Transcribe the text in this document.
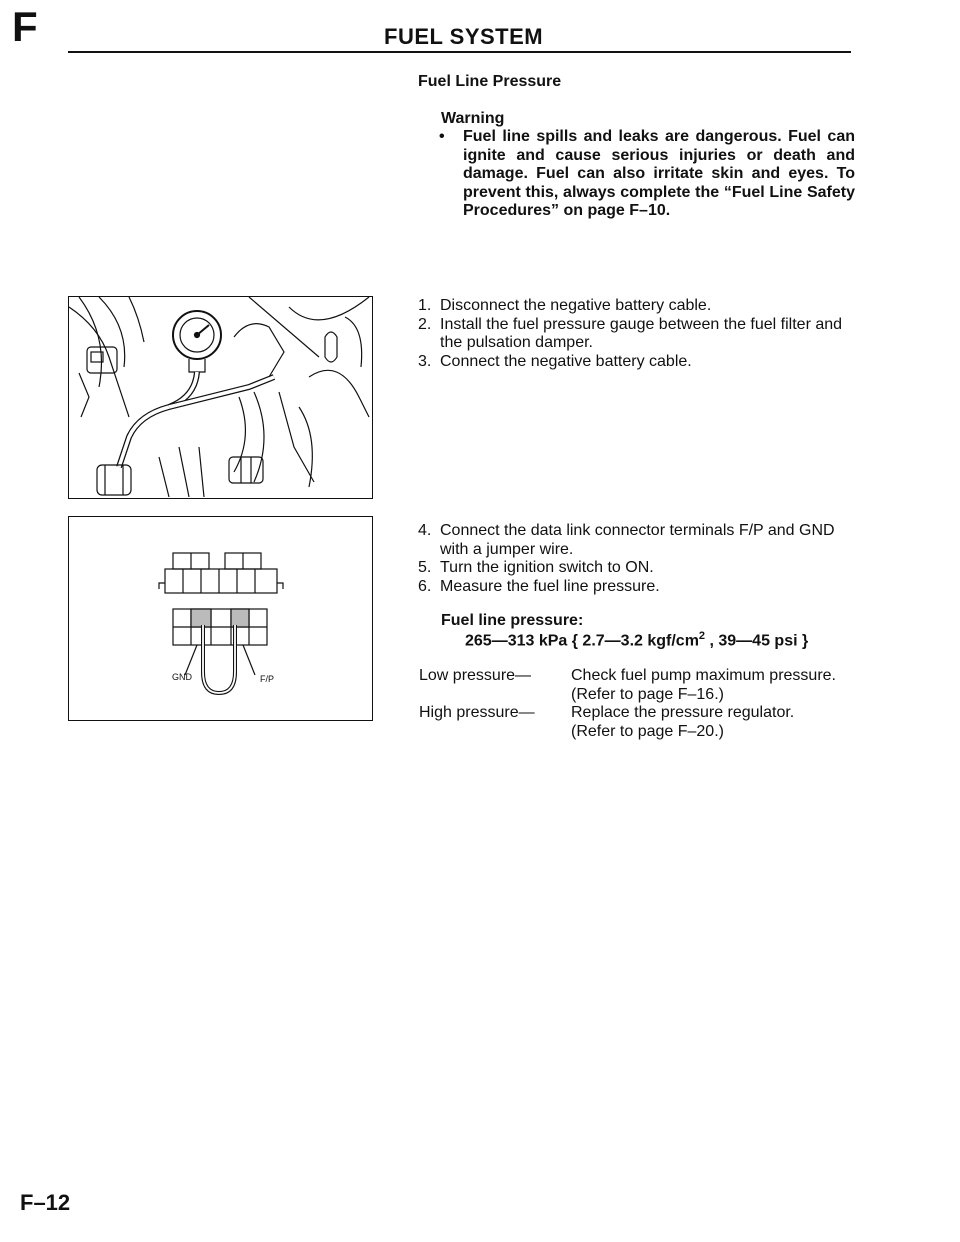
F	FUEL SYSTEM
Fuel Line Pressure
Warning
• Fuel line spills and leaks are dangerous. Fuel can ignite and cause serious injuries or death and damage. Fuel can also irritate skin and eyes. To prevent this, always complete the “Fuel Line Safety Procedures” on page F–10.
1. Disconnect the negative battery cable.
2. Install the fuel pressure gauge between the fuel filter and the pulsation damper.
3. Connect the negative battery cable.
GND	F/P
4. Connect the data link connector terminals F/P and GND with a jumper wire.
5. Turn the ignition switch to ON.
6. Measure the fuel line pressure.
Fuel line pressure:
265—313 kPa { 2.7—3.2 kgf/$cm^2$ , 39—45 psi }
Low pressure— Check fuel pump maximum pressure.
(Refer to page F–16.)
High pressure— Replace the pressure regulator.
(Refer to page F–20.)
F–12
